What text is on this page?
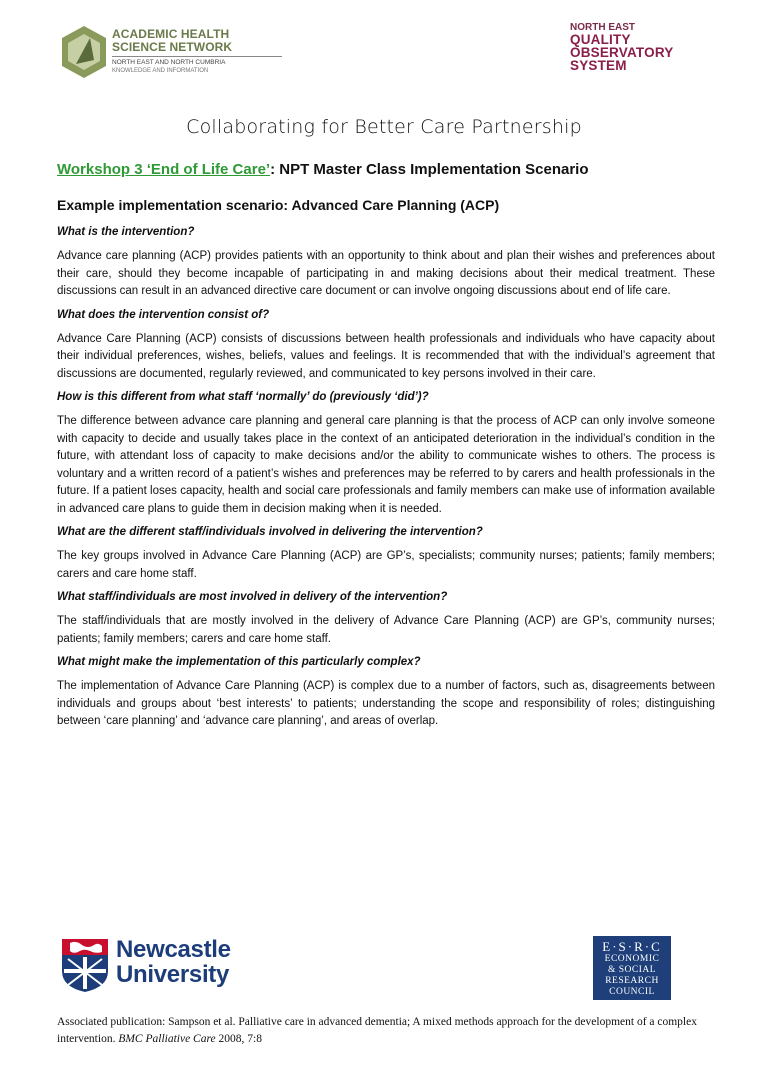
ACADEMIC HEALTH
SCIENCE NETWORK
NORTH EAST AND NORTH CUMBRIA
KNOWLEDGE AND INFORMATION
NORTH EAST
QUALITY
OBSERVATORY
SYSTEM
Collaborating for Better Care Partnership
Workshop 3 ‘End of Life Care’: NPT Master Class Implementation Scenario
Example implementation scenario: Advanced Care Planning (ACP)
What is the intervention?
Advance care planning (ACP) provides patients with an opportunity to think about and plan their wishes and preferences about their care, should they become incapable of participating in and making decisions about their medical treatment. These discussions can result in an advanced directive care document or can involve ongoing discussions about end of life care.
What does the intervention consist of?
Advance Care Planning (ACP) consists of discussions between health professionals and individuals who have capacity about their individual preferences, wishes, beliefs, values and feelings. It is recommended that with the individual’s agreement that discussions are documented, regularly reviewed, and communicated to key persons involved in their care.
How is this different from what staff ‘normally’ do (previously ‘did’)?
The difference between advance care planning and general care planning is that the process of ACP can only involve someone with capacity to decide and usually takes place in the context of an anticipated deterioration in the individual’s condition in the future, with attendant loss of capacity to make decisions and/or the ability to communicate wishes to others. The process is voluntary and a written record of a patient’s wishes and preferences may be referred to by carers and health professionals in the future. If a patient loses capacity, health and social care professionals and family members can make use of information available in advanced care plans to guide them in decision making when it is needed.
What are the different staff/individuals involved in delivering the intervention?
The key groups involved in Advance Care Planning (ACP) are GP’s, specialists; community nurses; patients; family members; carers and care home staff.
What staff/individuals are most involved in delivery of the intervention?
The staff/individuals that are mostly involved in the delivery of Advance Care Planning (ACP) are GP’s, community nurses; patients; family members; carers and care home staff.
What might make the implementation of this particularly complex?
The implementation of Advance Care Planning (ACP) is complex due to a number of factors, such as, disagreements between individuals and groups about ‘best interests’ to patients; understanding the scope and responsibility of roles; distinguishing between ‘care planning’ and ‘advance care planning’, and areas of overlap.
Newcastle
University
E·S·R·C
ECONOMIC
& SOCIAL
RESEARCH
COUNCIL
Associated publication: Sampson et al. Palliative care in advanced dementia; A mixed methods approach for the development of a complex intervention. BMC Palliative Care 2008, 7:8
